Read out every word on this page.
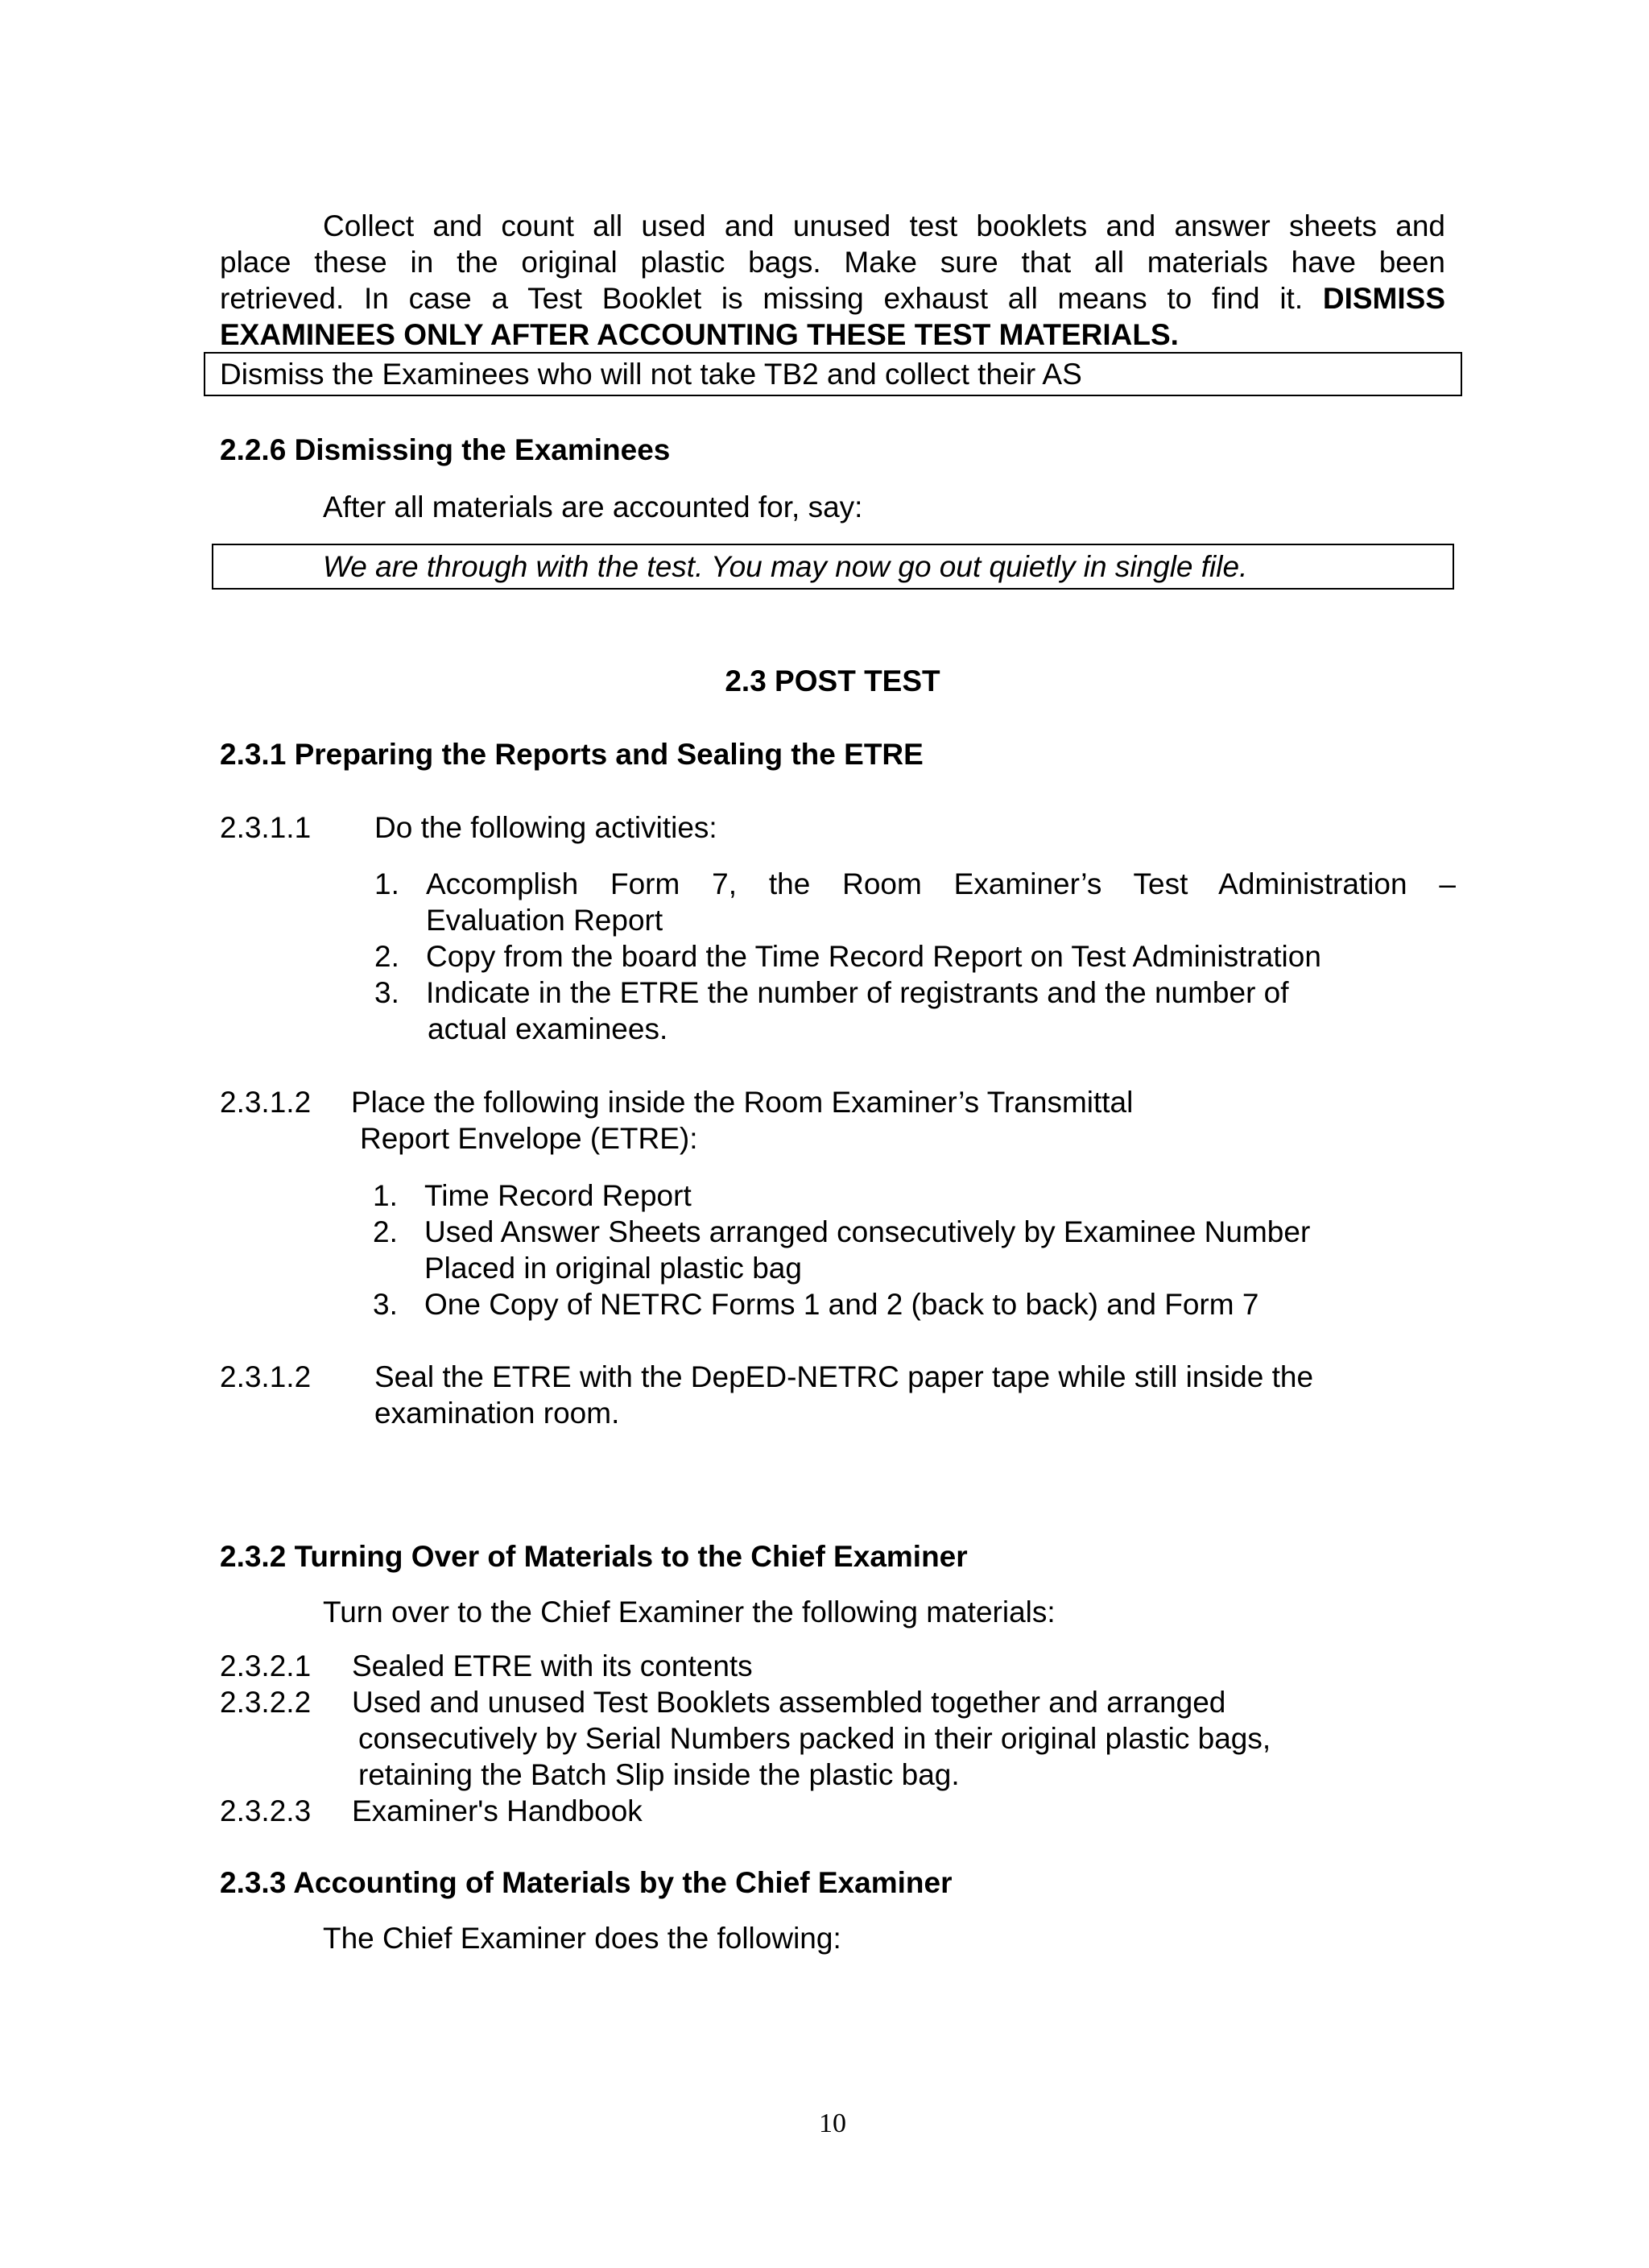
Collect and count all used and unused test booklets and answer sheets and
place these in the original plastic bags. Make sure that all materials have been
retrieved. In case a Test Booklet is missing exhaust all means to find it. DISMISS
EXAMINEES ONLY AFTER ACCOUNTING THESE TEST MATERIALS.
Dismiss the Examinees who will not take TB2 and collect their AS
2.2.6 Dismissing the Examinees
After all materials are accounted for, say:
We are through with the test. You may now go out quietly in single file.
2.3 POST TEST
2.3.1 Preparing the Reports and Sealing the ETRE
2.3.1.1 Do the following activities:
1. Accomplish Form 7, the Room Examiner’s Test Administration –
Evaluation Report
2. Copy from the board the Time Record Report on Test Administration
3. Indicate in the ETRE the number of registrants and the number of
actual examinees.
2.3.1.2 Place the following inside the Room Examiner’s Transmittal
Report Envelope (ETRE):
1. Time Record Report
2. Used Answer Sheets arranged consecutively by Examinee Number
Placed in original plastic bag
3. One Copy of NETRC Forms 1 and 2 (back to back) and Form 7
2.3.1.2 Seal the ETRE with the DepED-NETRC paper tape while still inside the
examination room.
2.3.2 Turning Over of Materials to the Chief Examiner
Turn over to the Chief Examiner the following materials:
2.3.2.1 Sealed ETRE with its contents
2.3.2.2 Used and unused Test Booklets assembled together and arranged
consecutively by Serial Numbers packed in their original plastic bags,
retaining the Batch Slip inside the plastic bag.
2.3.2.3 Examiner's Handbook
2.3.3 Accounting of Materials by the Chief Examiner
The Chief Examiner does the following:
10
